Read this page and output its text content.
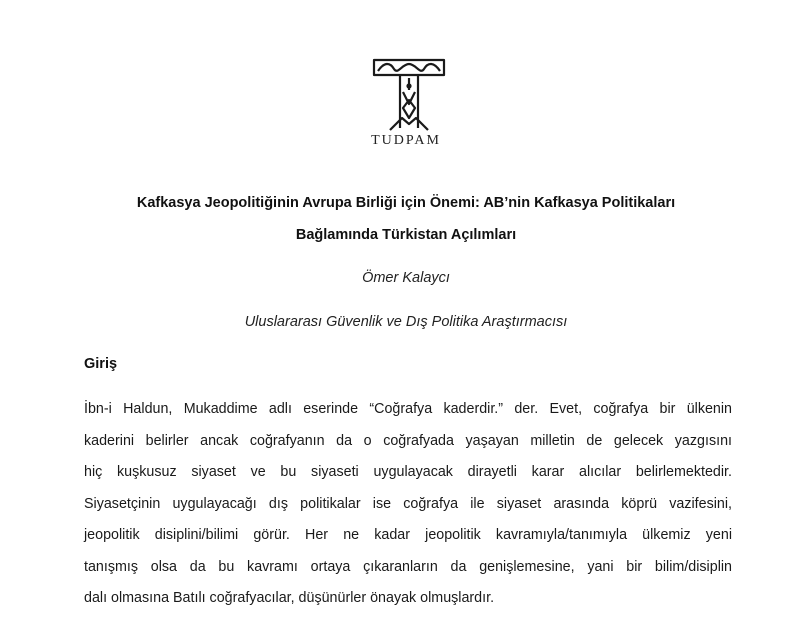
TUDPAM
Kafkasya Jeopolitiğinin Avrupa Birliği için Önemi: AB’nin Kafkasya Politikaları
Bağlamında Türkistan Açılımları
Ömer Kalaycı
Uluslararası Güvenlik ve Dış Politika Araştırmacısı
Giriş
İbn-i Haldun, Mukaddime adlı eserinde “Coğrafya kaderdir.” der. Evet, coğrafya bir ülkenin
kaderini belirler ancak coğrafyanın da o coğrafyada yaşayan milletin de gelecek yazgısını
hiç kuşkusuz siyaset ve bu siyaseti uygulayacak dirayetli karar alıcılar belirlemektedir.
Siyasetçinin uygulayacağı dış politikalar ise coğrafya ile siyaset arasında köprü vazifesini,
jeopolitik disiplini/bilimi görür. Her ne kadar jeopolitik kavramıyla/tanımıyla ülkemiz yeni
tanışmış olsa da bu kavramı ortaya çıkaranların da genişlemesine, yani bir bilim/disiplin
dalı olmasına Batılı coğrafyacılar, düşünürler önayak olmuşlardır.
